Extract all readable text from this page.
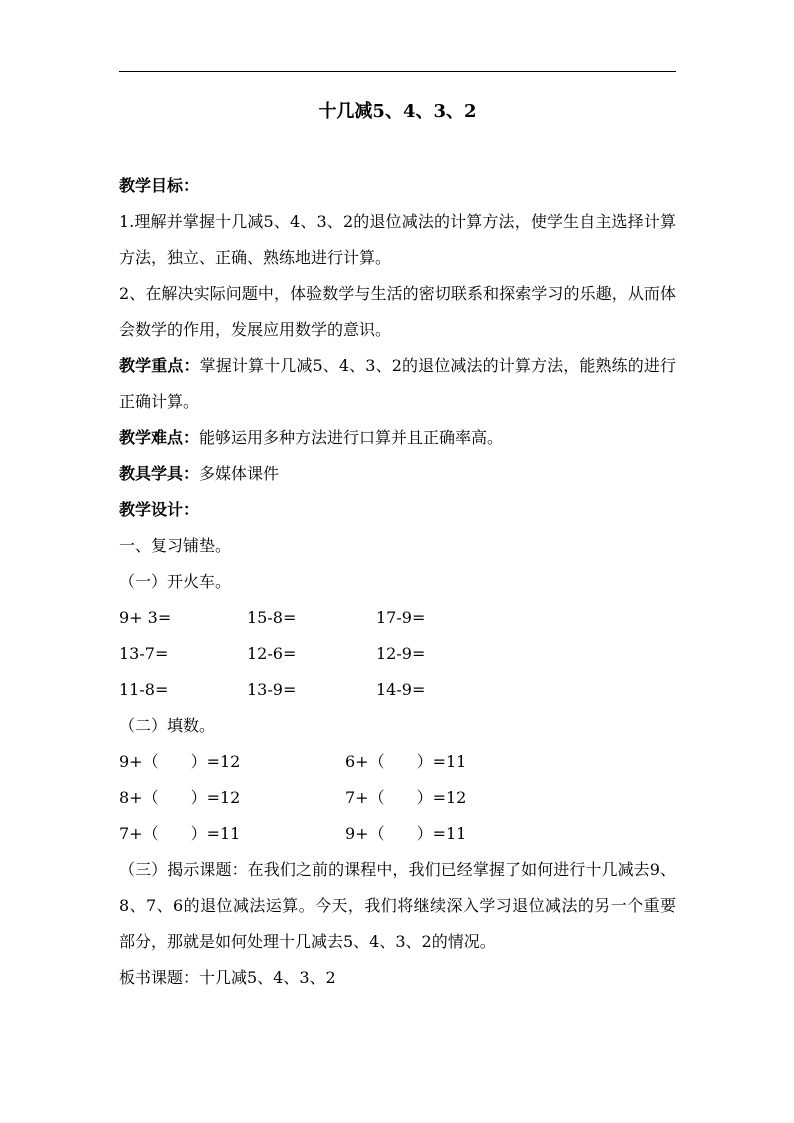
十几减5、4、3、2

教学目标：

1.理解并掌握十几减5、4、3、2的退位减法的计算方法，使学生自主选择计算方法，独立、正确、熟练地进行计算。

2、在解决实际问题中，体验数学与生活的密切联系和探索学习的乐趣，从而体会数学的作用，发展应用数学的意识。

教学重点：掌握计算十几减5、4、3、2的退位减法的计算方法，能熟练的进行正确计算。

教学难点：能够运用多种方法进行口算并且正确率高。

教具学具：多媒体课件

教学设计：

一、复习铺垫。

（一）开火车。

9+ 3=	15-8=	17-9=
13-7=	12-6=	12-9=
11-8=	13-9=	14-9=

（二）填数。

9+（　　）=12	6+（　　）=11
8+（　　）=12	7+（　　）=12
7+（　　）=11	9+（　　）=11

（三）揭示课题：在我们之前的课程中，我们已经掌握了如何进行十几减去9、8、7、6的退位减法运算。今天，我们将继续深入学习退位减法的另一个重要部分，那就是如何处理十几减去5、4、3、2的情况。

板书课题：十几减5、4、3、2
